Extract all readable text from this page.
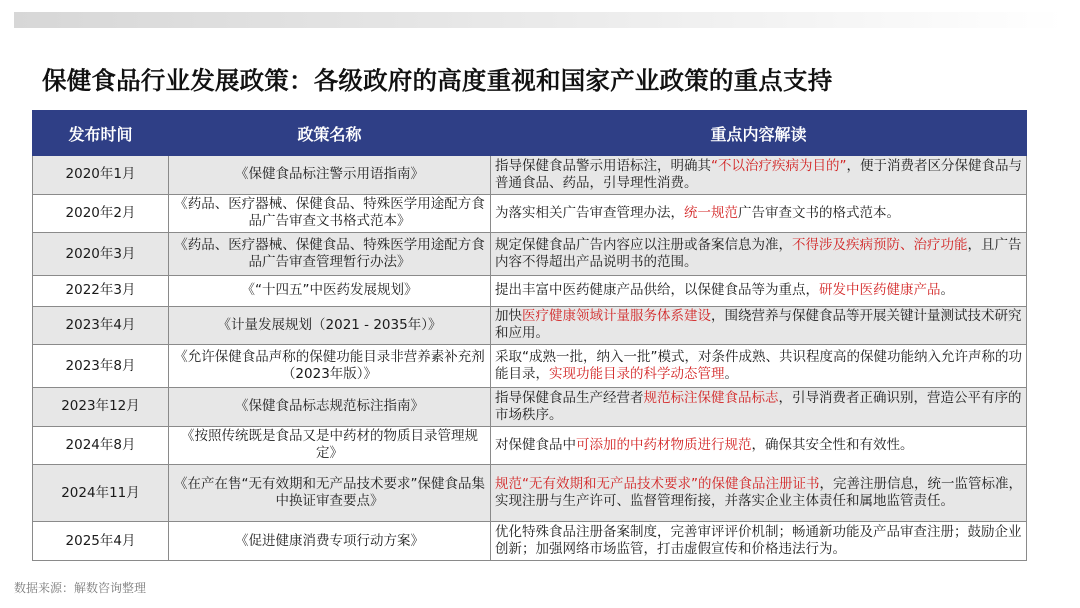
保健食品行业发展政策：各级政府的高度重视和国家产业政策的重点支持
发布时间	政策名称	重点内容解读
2020年1月	《保健食品标注警示用语指南》	指导保健食品警示用语标注，明确其“不以治疗疾病为目的”，便于消费者区分保健食品与普通食品、药品，引导理性消费。
2020年2月	《药品、医疗器械、保健食品、特殊医学用途配方食品广告审查文书格式范本》	为落实相关广告审查管理办法，统一规范广告审查文书的格式范本。
2020年3月	《药品、医疗器械、保健食品、特殊医学用途配方食品广告审查管理暂行办法》	规定保健食品广告内容应以注册或备案信息为准，不得涉及疾病预防、治疗功能，且广告内容不得超出产品说明书的范围。
2022年3月	《“十四五”中医药发展规划》	提出丰富中医药健康产品供给，以保健食品等为重点，研发中医药健康产品。
2023年4月	《计量发展规划（2021 - 2035年）》	加快医疗健康领域计量服务体系建设，围绕营养与保健食品等开展关键计量测试技术研究和应用。
2023年8月	《允许保健食品声称的保健功能目录非营养素补充剂（2023年版）》	采取“成熟一批，纳入一批”模式，对条件成熟、共识程度高的保健功能纳入允许声称的功能目录，实现功能目录的科学动态管理。
2023年12月	《保健食品标志规范标注指南》	指导保健食品生产经营者规范标注保健食品标志，引导消费者正确识别，营造公平有序的市场秩序。
2024年8月	《按照传统既是食品又是中药材的物质目录管理规定》	对保健食品中可添加的中药材物质进行规范，确保其安全性和有效性。
2024年11月	《在产在售“无有效期和无产品技术要求”保健食品集中换证审查要点》	规范“无有效期和无产品技术要求”的保健食品注册证书，完善注册信息，统一监管标准，实现注册与生产许可、监督管理衔接，并落实企业主体责任和属地监管责任。
2025年4月	《促进健康消费专项行动方案》	优化特殊食品注册备案制度，完善审评评价机制；畅通新功能及产品审查注册；鼓励企业创新；加强网络市场监管，打击虚假宣传和价格违法行为。
数据来源：解数咨询整理
